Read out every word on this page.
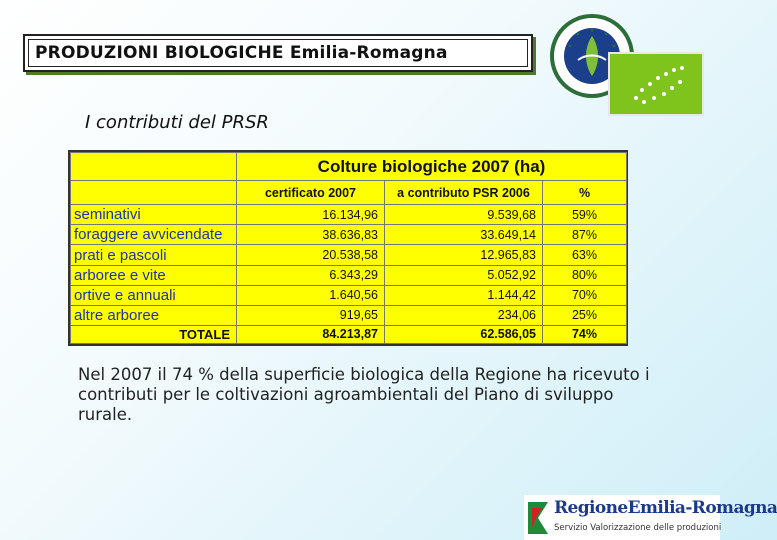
PRODUZIONI BIOLOGICHE Emilia-Romagna
I contributi del PRSR
	Colture biologiche 2007 (ha)		
	certificato 2007	a contributo PSR 2006	%
seminativi	16.134,96	9.539,68	59%
foraggere avvicendate	38.636,83	33.649,14	87%
prati e pascoli	20.538,58	12.965,83	63%
arboree e vite	6.343,29	5.052,92	80%
ortive e annuali	1.640,56	1.144,42	70%
altre arboree	919,65	234,06	25%
TOTALE	84.213,87	62.586,05	74%
Nel 2007 il 74 % della superficie biologica della Regione ha ricevuto i contributi per le coltivazioni agroambientali del Piano di sviluppo rurale.
RegioneEmilia-Romagna
Servizio Valorizzazione delle produzioni
